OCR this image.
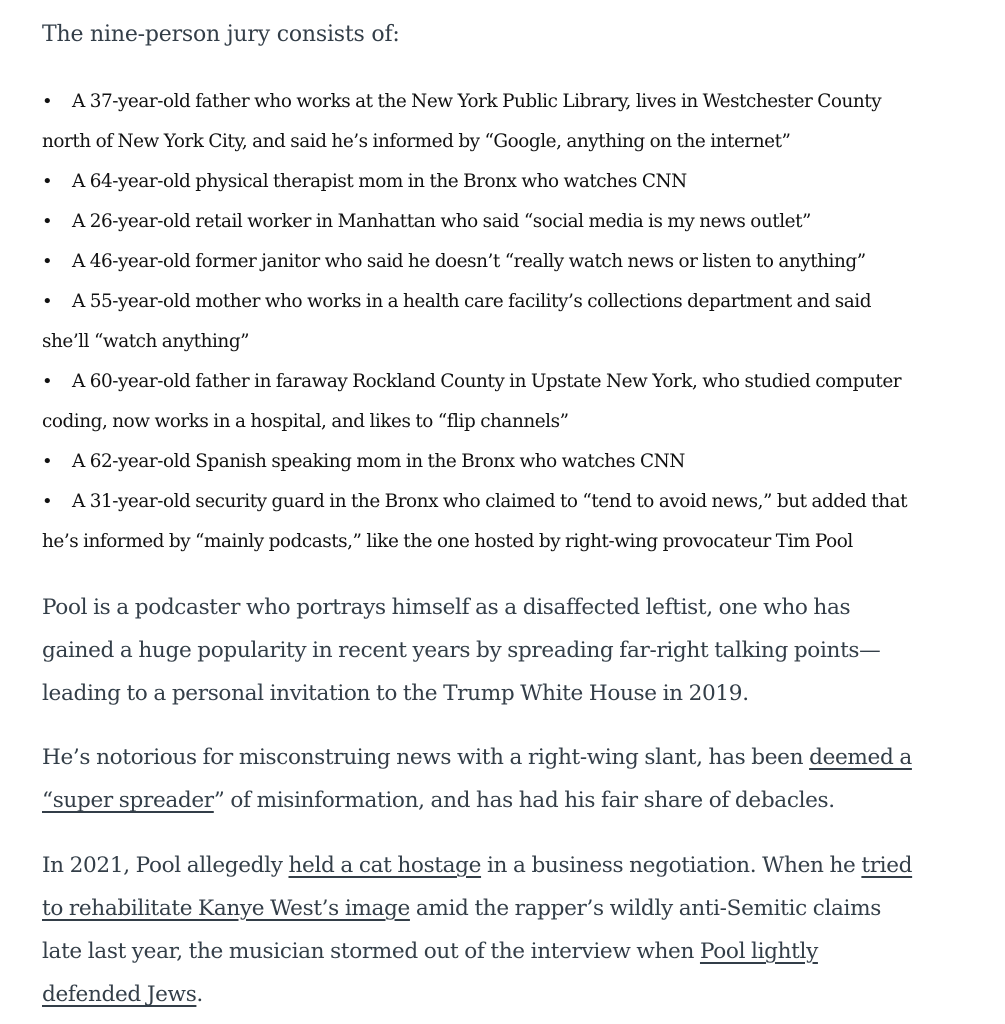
The nine-person jury consists of:

• A 37-year-old father who works at the New York Public Library, lives in Westchester County
north of New York City, and said he’s informed by “Google, anything on the internet”
• A 64-year-old physical therapist mom in the Bronx who watches CNN
• A 26-year-old retail worker in Manhattan who said “social media is my news outlet”
• A 46-year-old former janitor who said he doesn’t “really watch news or listen to anything”
• A 55-year-old mother who works in a health care facility’s collections department and said
she’ll “watch anything”
• A 60-year-old father in faraway Rockland County in Upstate New York, who studied computer
coding, now works in a hospital, and likes to “flip channels”
• A 62-year-old Spanish speaking mom in the Bronx who watches CNN
• A 31-year-old security guard in the Bronx who claimed to “tend to avoid news,” but added that
he’s informed by “mainly podcasts,” like the one hosted by right-wing provocateur Tim Pool

Pool is a podcaster who portrays himself as a disaffected leftist, one who has
gained a huge popularity in recent years by spreading far-right talking points—
leading to a personal invitation to the Trump White House in 2019.

He’s notorious for misconstruing news with a right-wing slant, has been deemed a
“super spreader” of misinformation, and has had his fair share of debacles.

In 2021, Pool allegedly held a cat hostage in a business negotiation. When he tried
to rehabilitate Kanye West’s image amid the rapper’s wildly anti-Semitic claims
late last year, the musician stormed out of the interview when Pool lightly
defended Jews.
